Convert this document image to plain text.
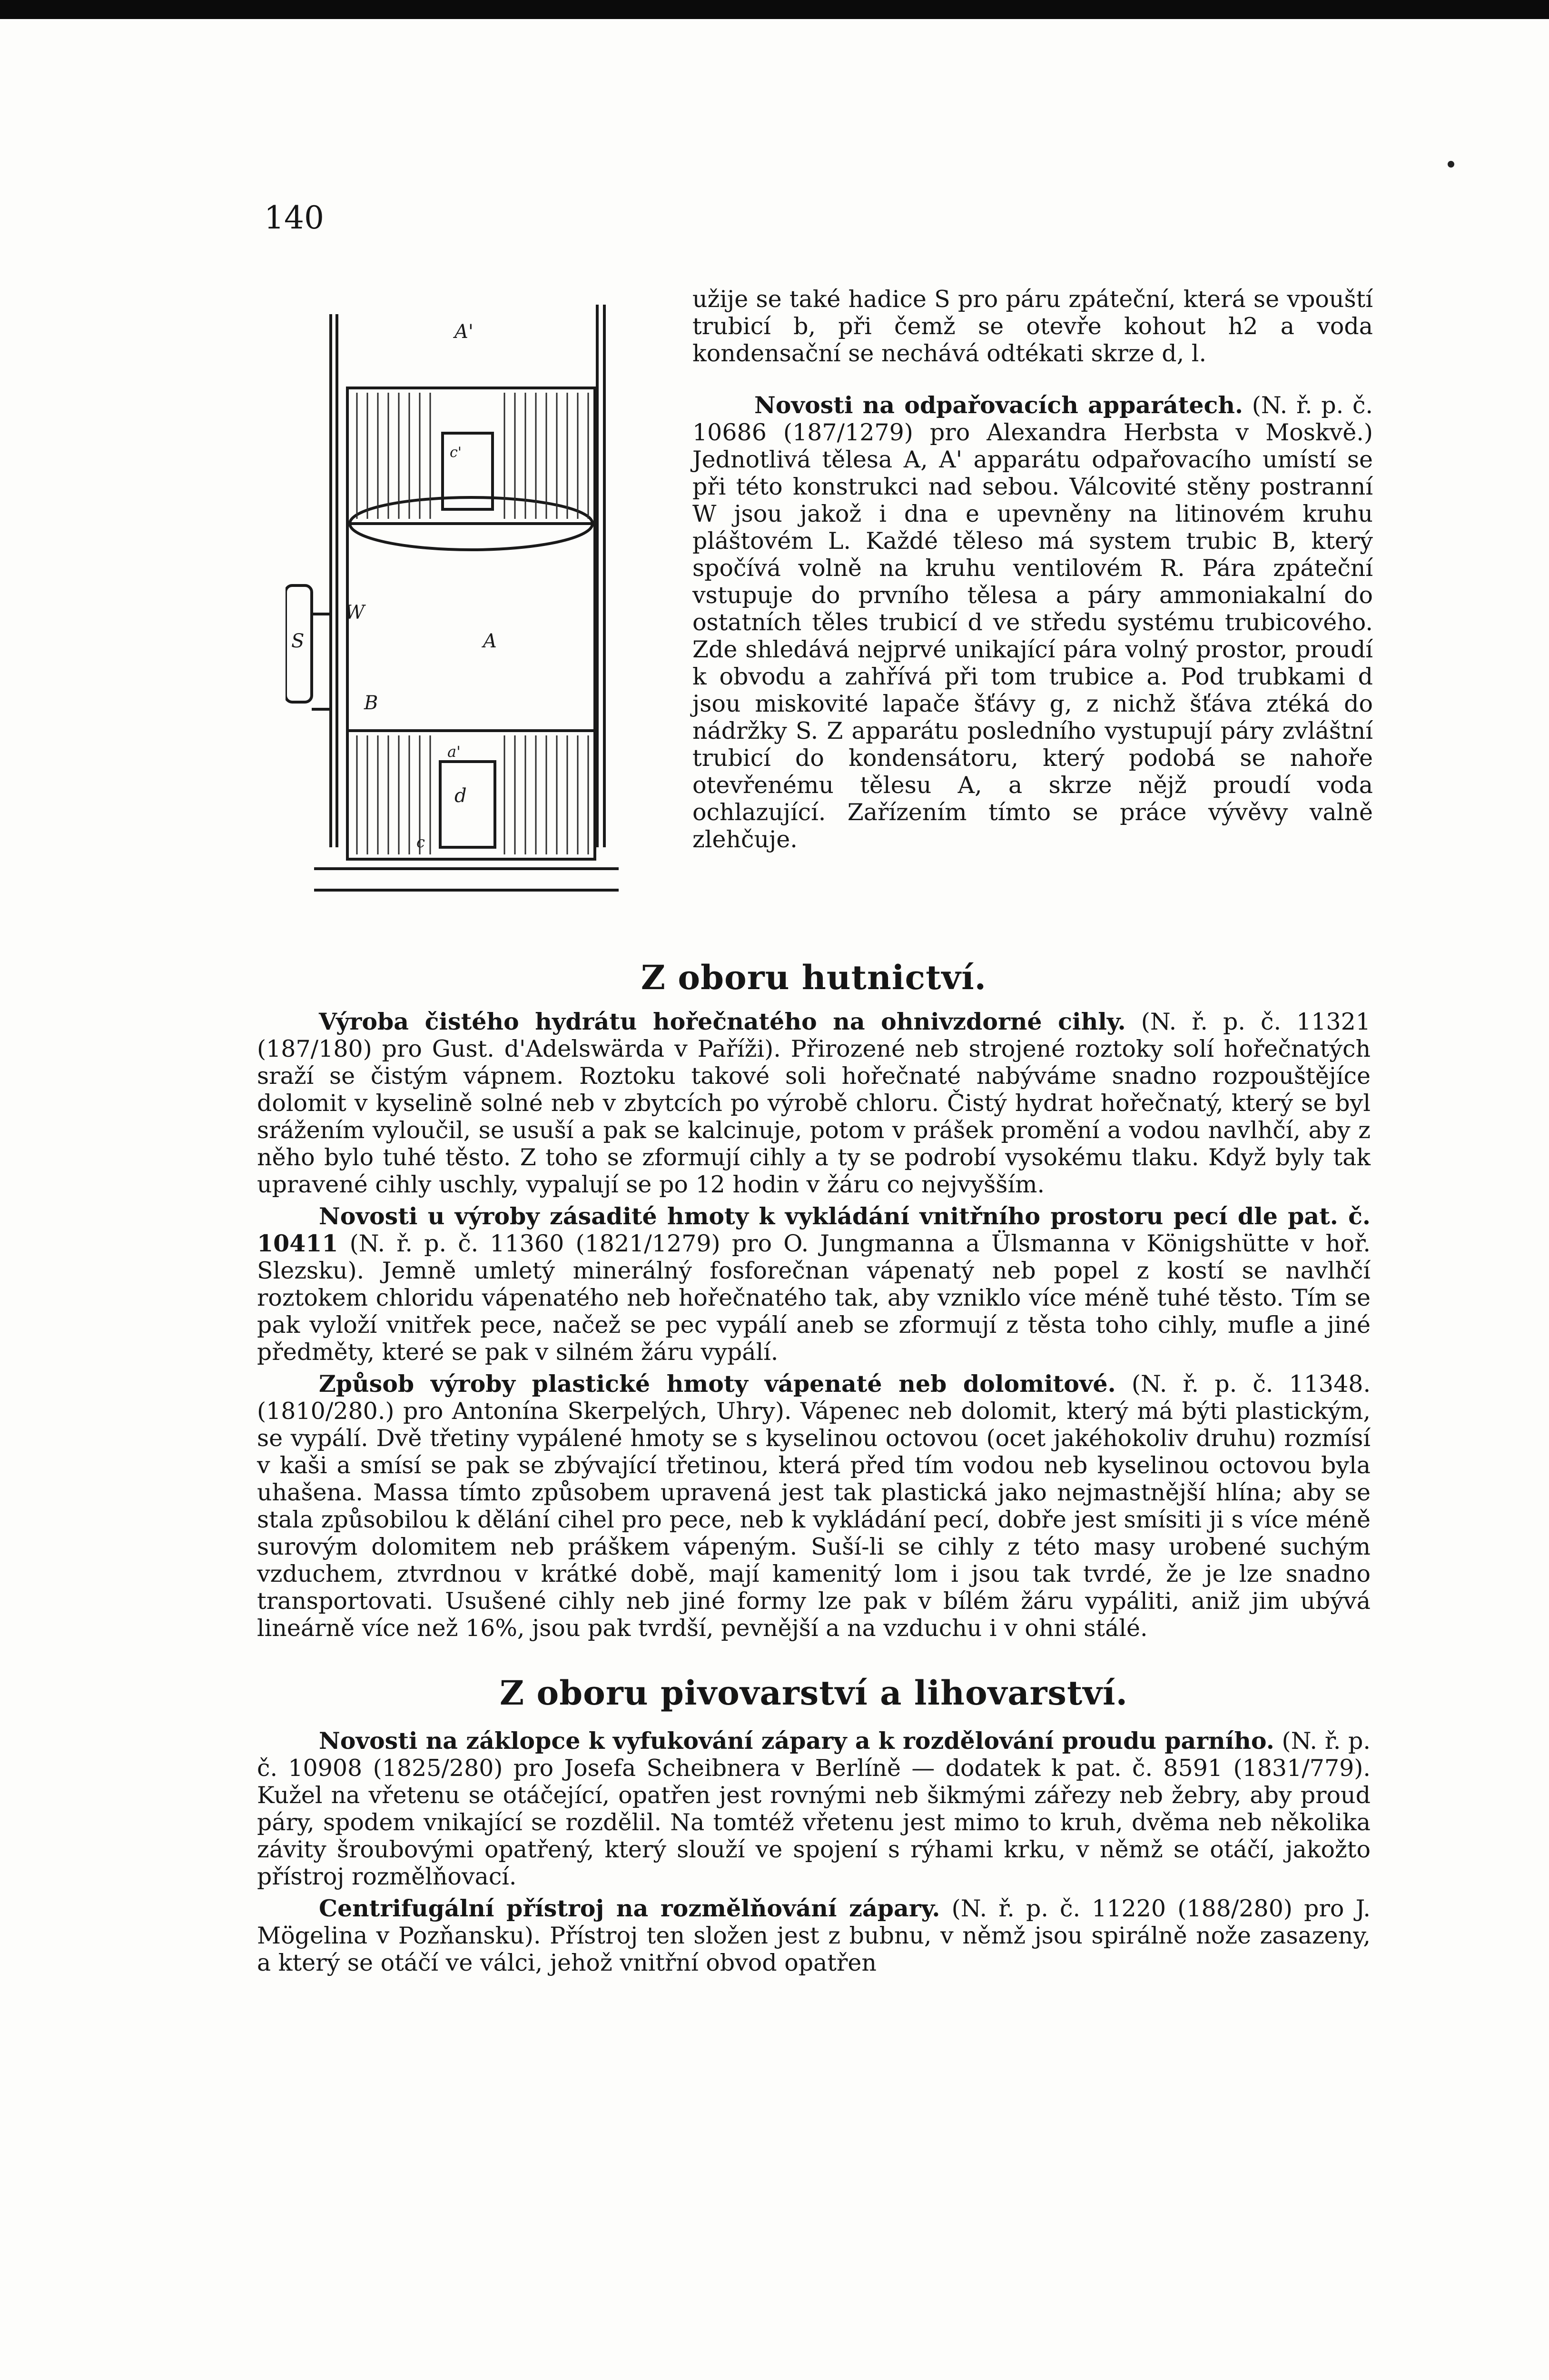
140
A'
c'
A
W
B
S
a'
d
c

užije se také hadice S pro páru zpáteční, která se vpouští trubicí b, při čemž se otevře kohout h2 a voda kondensační se nechává odtékati skrze d, l.

Novosti na odpařovacích apparátech. (N. ř. p. č. 10686 (187/1279) pro Alexandra Herbsta v Moskvě.) Jednotlivá tělesa A, A' apparátu odpařovacího umístí se při této konstrukci nad sebou. Válcovité stěny postranní W jsou jakož i dna e upevněny na litinovém kruhu pláštovém L. Každé těleso má system trubic B, který spočívá volně na kruhu ventilovém R. Pára zpáteční vstupuje do prvního tělesa a páry ammoniakalní do ostatních těles trubicí d ve středu systému trubicového. Zde shledává nejprvé unikající pára volný prostor, proudí k obvodu a zahřívá při tom trubice a. Pod trubkami d jsou miskovité lapače šťávy g, z nichž šťáva ztéká do nádržky S. Z apparátu posledního vystupují páry zvláštní trubicí do kondensátoru, který podobá se nahoře otevřenému tělesu A, a skrze nějž proudí voda ochlazující. Zařízením tímto se práce vývěvy valně zlehčuje.

Z oboru hutnictví.

Výroba čistého hydrátu hořečnatého na ohnivzdorné cihly. (N. ř. p. č. 11321 (187/180) pro Gust. d'Adelswärda v Paříži). Přirozené neb strojené roztoky solí hořečnatých sraží se čistým vápnem. Roztoku takové soli hořečnaté nabýváme snadno rozpouštějíce dolomit v kyselině solné neb v zbytcích po výrobě chloru. Čistý hydrat hořečnatý, který se byl srážením vyloučil, se usuší a pak se kalcinuje, potom v prášek promění a vodou navlhčí, aby z něho bylo tuhé těsto. Z toho se zformují cihly a ty se podrobí vysokému tlaku. Když byly tak upravené cihly uschly, vypalují se po 12 hodin v žáru co nejvyšším.

Novosti u výroby zásadité hmoty k vykládání vnitřního prostoru pecí dle pat. č. 10411 (N. ř. p. č. 11360 (1821/1279) pro O. Jungmanna a Ülsmanna v Königshütte v hoř. Slezsku). Jemně umletý minerálný fosforečnan vápenatý neb popel z kostí se navlhčí roztokem chloridu vápenatého neb hořečnatého tak, aby vzniklo více méně tuhé těsto. Tím se pak vyloží vnitřek pece, načež se pec vypálí aneb se zformují z těsta toho cihly, mufle a jiné předměty, které se pak v silném žáru vypálí.

Způsob výroby plastické hmoty vápenaté neb dolomitové. (N. ř. p. č. 11348. (1810/280.) pro Antonína Skerpelých, Uhry). Vápenec neb dolomit, který má býti plastickým, se vypálí. Dvě třetiny vypálené hmoty se s kyselinou octovou (ocet jakéhokoliv druhu) rozmísí v kaši a smísí se pak se zbývající třetinou, která před tím vodou neb kyselinou octovou byla uhašena. Massa tímto způsobem upravená jest tak plastická jako nejmastnější hlína; aby se stala způsobilou k dělání cihel pro pece, neb k vykládání pecí, dobře jest smísiti ji s více méně surovým dolomitem neb práškem vápeným. Suší-li se cihly z této masy urobené suchým vzduchem, ztvrdnou v krátké době, mají kamenitý lom i jsou tak tvrdé, že je lze snadno transportovati. Usušené cihly neb jiné formy lze pak v bílém žáru vypáliti, aniž jim ubývá lineárně více než 16%, jsou pak tvrdší, pevnější a na vzduchu i v ohni stálé.

Z oboru pivovarství a lihovarství.

Novosti na záklopce k vyfukování zápary a k rozdělování proudu parního. (N. ř. p. č. 10908 (1825/280) pro Josefa Scheibnera v Berlíně — dodatek k pat. č. 8591 (1831/779). Kužel na vřetenu se otáčející, opatřen jest rovnými neb šikmými zářezy neb žebry, aby proud páry, spodem vnikající se rozdělil. Na tomtéž vřetenu jest mimo to kruh, dvěma neb několika závity šroubovými opatřený, který slouží ve spojení s rýhami krku, v němž se otáčí, jakožto přístroj rozmělňovací.

Centrifugální přístroj na rozmělňování zápary. (N. ř. p. č. 11220 (188/280) pro J. Mögelina v Pozňansku). Přístroj ten složen jest z bubnu, v němž jsou spirálně nože zasazeny, a který se otáčí ve válci, jehož vnitřní obvod opatřen
